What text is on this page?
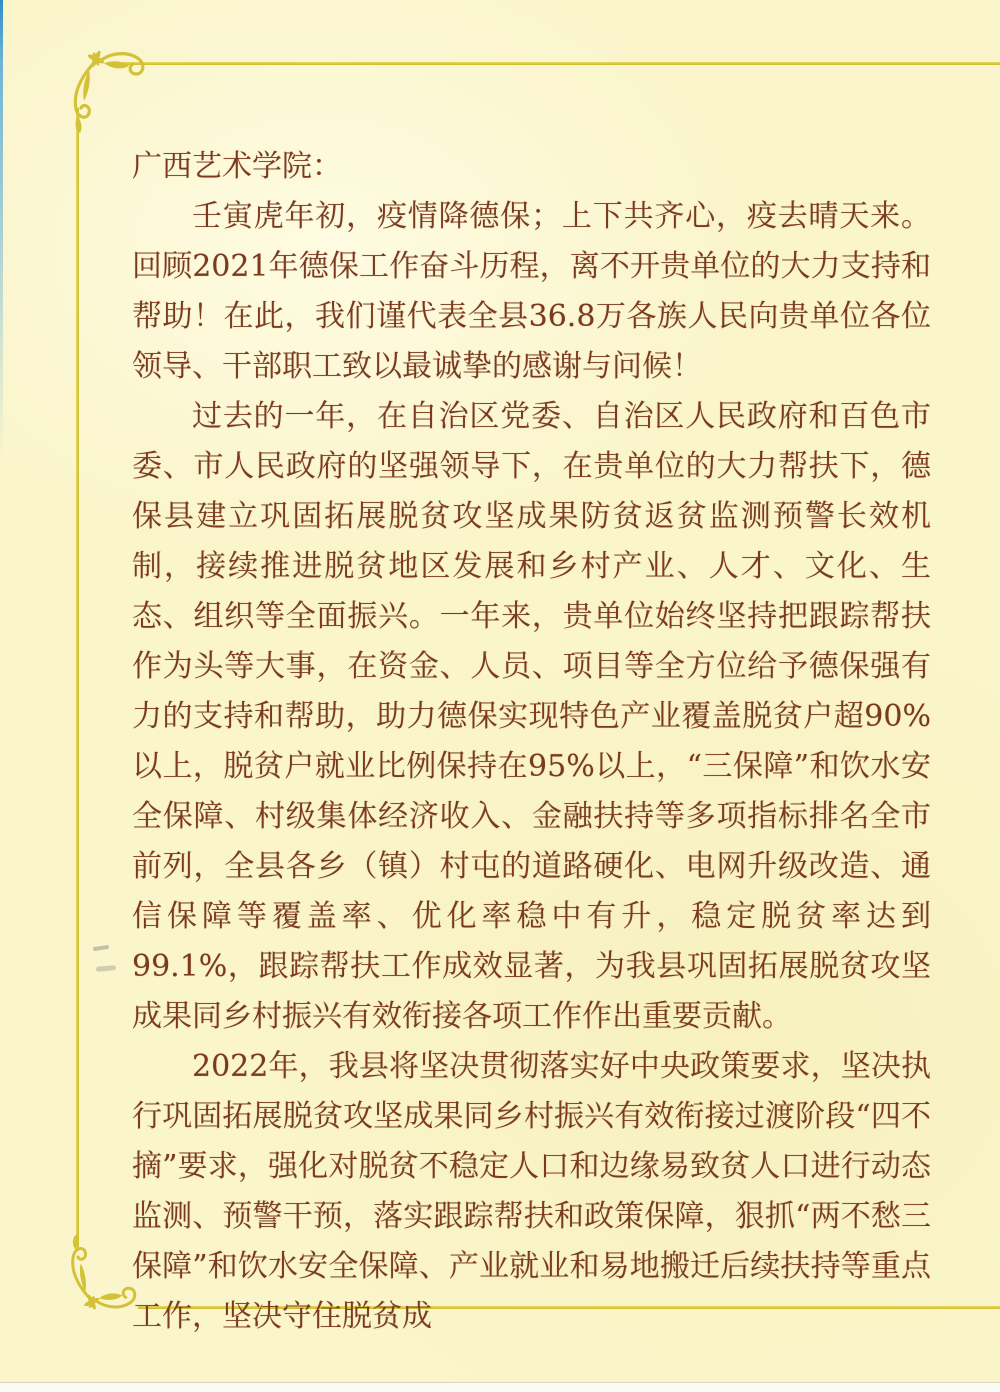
广西艺术学院：

壬寅虎年初，疫情降德保；上下共齐心，疫去晴天来。回顾2021年德保工作奋斗历程，离不开贵单位的大力支持和帮助！在此，我们谨代表全县36.8万各族人民向贵单位各位领导、干部职工致以最诚挚的感谢与问候！

过去的一年，在自治区党委、自治区人民政府和百色市委、市人民政府的坚强领导下，在贵单位的大力帮扶下，德保县建立巩固拓展脱贫攻坚成果防贫返贫监测预警长效机制，接续推进脱贫地区发展和乡村产业、人才、文化、生态、组织等全面振兴。一年来，贵单位始终坚持把跟踪帮扶作为头等大事，在资金、人员、项目等全方位给予德保强有力的支持和帮助，助力德保实现特色产业覆盖脱贫户超90%以上，脱贫户就业比例保持在95%以上，“三保障”和饮水安全保障、村级集体经济收入、金融扶持等多项指标排名全市前列，全县各乡（镇）村屯的道路硬化、电网升级改造、通信保障等覆盖率、优化率稳中有升，稳定脱贫率达到99.1%，跟踪帮扶工作成效显著，为我县巩固拓展脱贫攻坚成果同乡村振兴有效衔接各项工作作出重要贡献。

2022年，我县将坚决贯彻落实好中央政策要求，坚决执行巩固拓展脱贫攻坚成果同乡村振兴有效衔接过渡阶段“四不摘”要求，强化对脱贫不稳定人口和边缘易致贫人口进行动态监测、预警干预，落实跟踪帮扶和政策保障，狠抓“两不愁三保障”和饮水安全保障、产业就业和易地搬迁后续扶持等重点工作，坚决守住脱贫成
